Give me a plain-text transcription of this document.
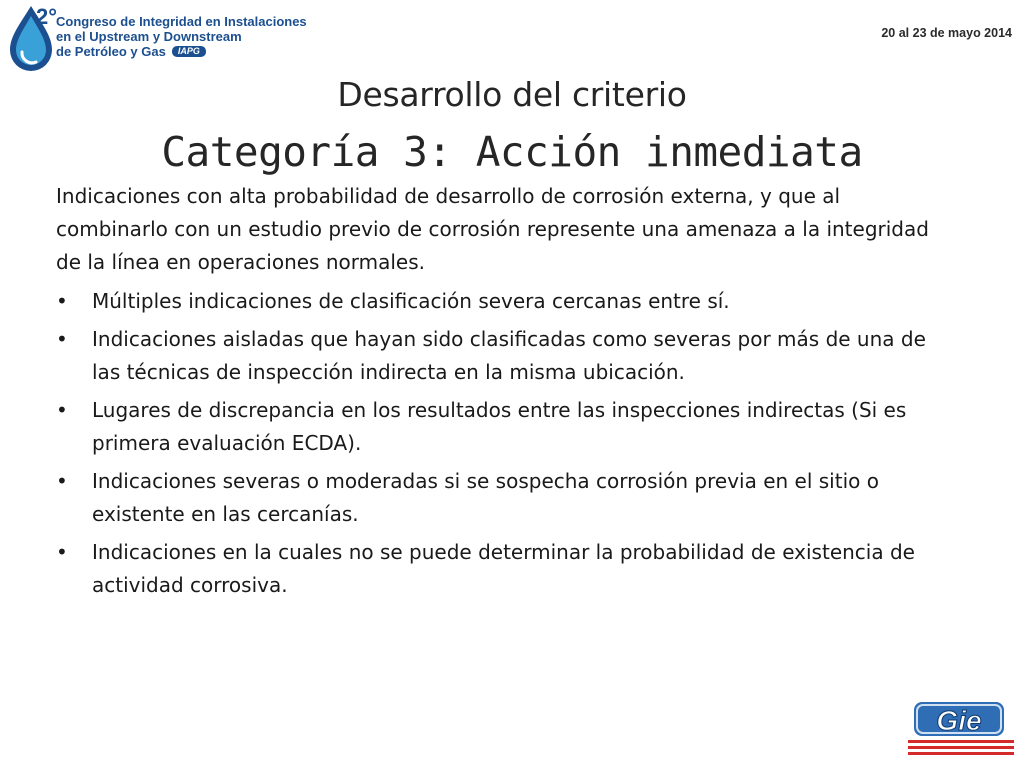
2°
Congreso de Integridad en Instalaciones
en el Upstream y Downstream
de Petróleo y Gas	IAPG
20 al 23 de mayo 2014
Desarrollo del criterio
Categoría 3: Acción inmediata

Indicaciones con alta probabilidad de desarrollo de corrosión externa, y que al combinarlo con un estudio previo de corrosión represente una amenaza a la integridad de la línea en operaciones normales.

• Múltiples indicaciones de clasificación severa cercanas entre sí.
• Indicaciones aisladas que hayan sido clasificadas como severas por más de una de las técnicas de inspección indirecta en la misma ubicación.
• Lugares de discrepancia en los resultados entre las inspecciones indirectas (Si es primera evaluación ECDA).
• Indicaciones severas o moderadas si se sospecha corrosión previa en el sitio o existente en las cercanías.
• Indicaciones en la cuales no se puede determinar la probabilidad de existencia de actividad corrosiva.
Gie
